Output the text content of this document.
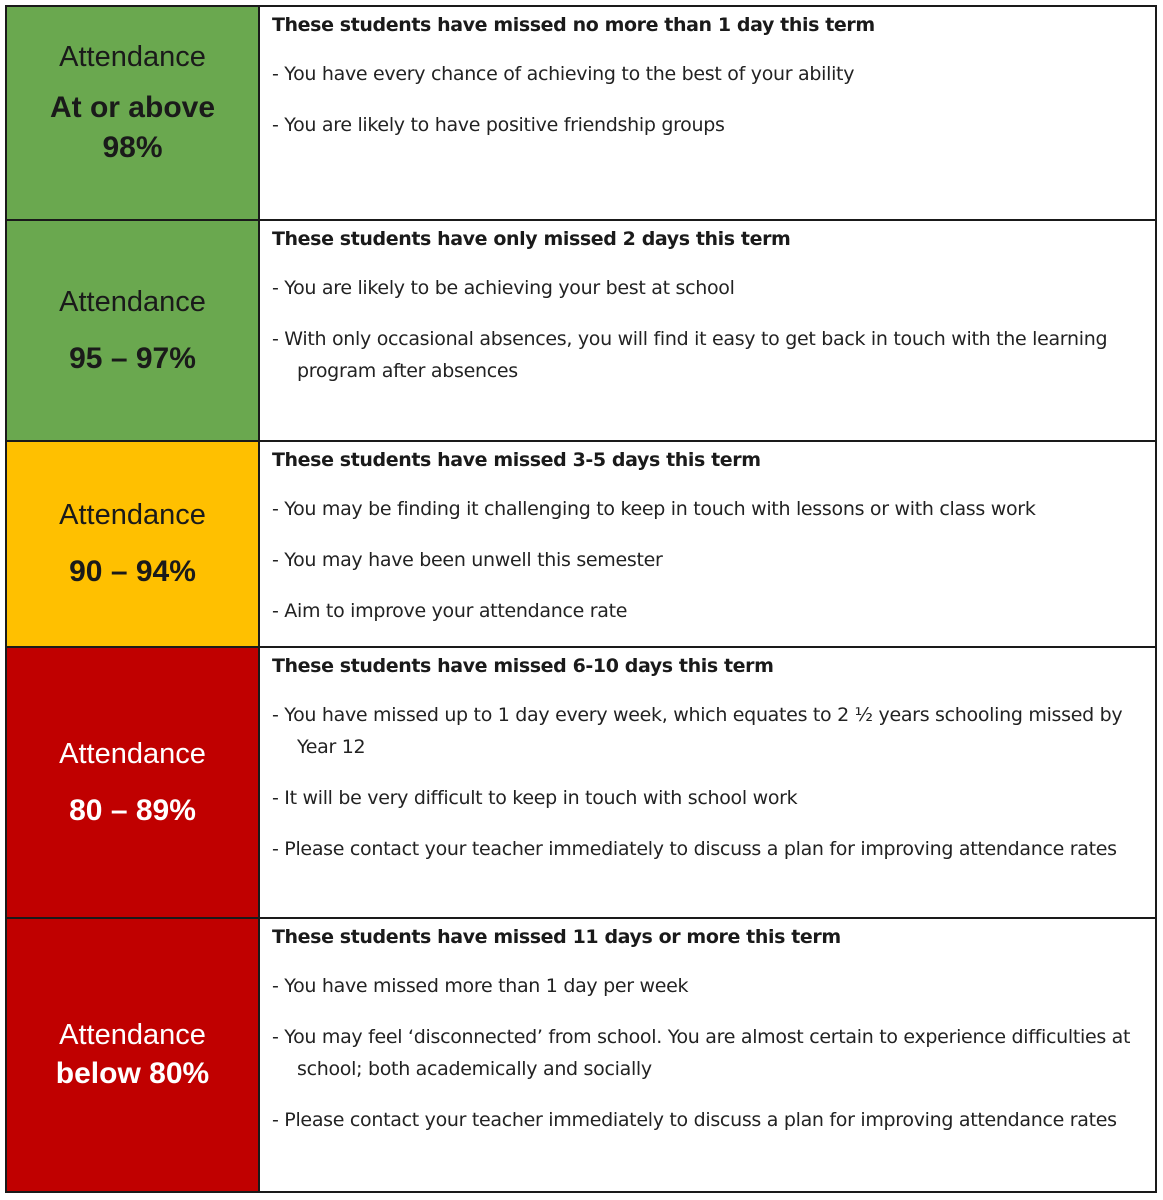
Attendance
At or above
98%
These students have missed no more than 1 day this term
- You have every chance of achieving to the best of your ability
- You are likely to have positive friendship groups
Attendance
95 – 97%
These students have only missed 2 days this term
- You are likely to be achieving your best at school
- With only occasional absences, you will find it easy to get back in touch with the learning program after absences
Attendance
90 – 94%
These students have missed 3-5 days this term
- You may be finding it challenging to keep in touch with lessons or with class work
- You may have been unwell this semester
- Aim to improve your attendance rate
Attendance
80 – 89%
These students have missed 6-10 days this term
- You have missed up to 1 day every week, which equates to 2 ½ years schooling missed by Year 12
- It will be very difficult to keep in touch with school work
- Please contact your teacher immediately to discuss a plan for improving attendance rates
Attendance
below 80%
These students have missed 11 days or more this term
- You have missed more than 1 day per week
- You may feel ‘disconnected’ from school. You are almost certain to experience difficulties at school; both academically and socially
- Please contact your teacher immediately to discuss a plan for improving attendance rates
